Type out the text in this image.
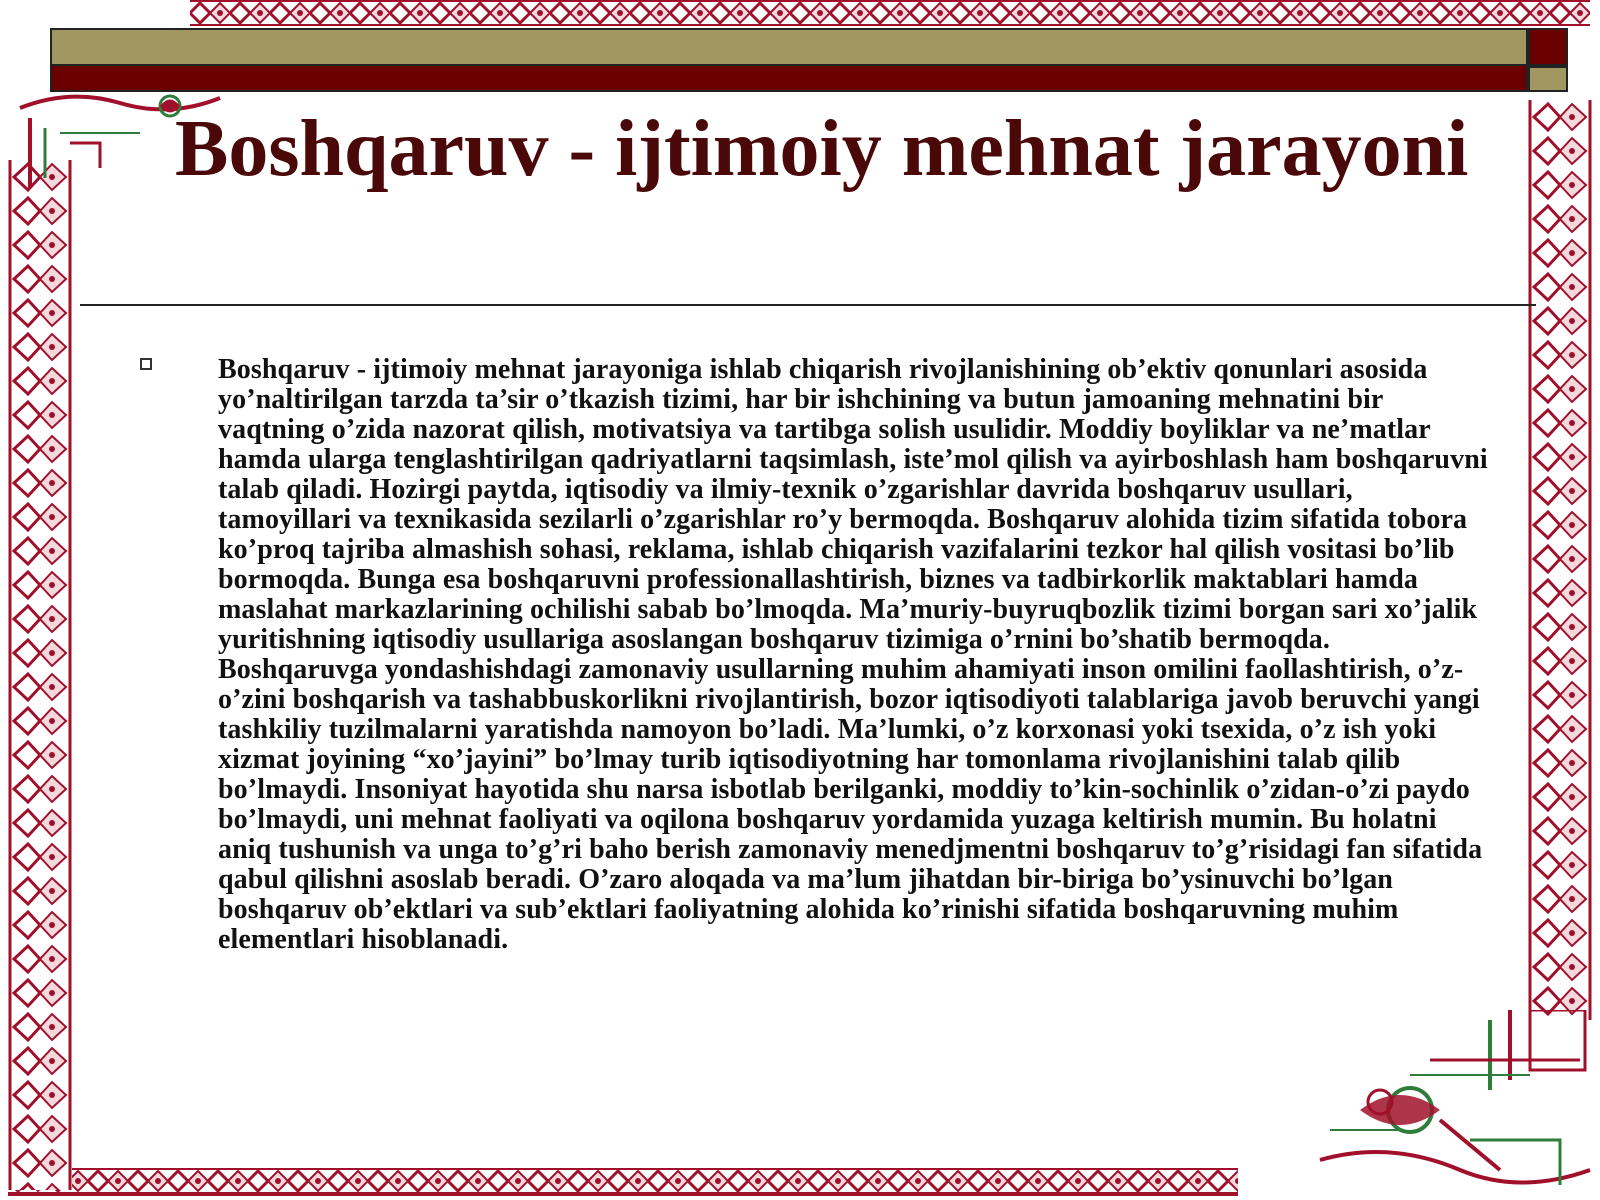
Boshqaruv - ijtimoiy mehnat jarayoni

Boshqaruv - ijtimoiy mehnat jarayoniga ishlab chiqarish rivojlanishining ob’ektiv qonunlari asosida yo’naltirilgan tarzda ta’sir o’tkazish tizimi, har bir ishchining va butun jamoaning mehnatini bir vaqtning o’zida nazorat qilish, motivatsiya va tartibga solish usulidir. Moddiy boyliklar va ne’matlar hamda ularga tenglashtirilgan qadriyatlarni taqsimlash, iste’mol qilish va ayirboshlash ham boshqaruvni talab qiladi. Hozirgi paytda, iqtisodiy va ilmiy-texnik o’zgarishlar davrida boshqaruv usullari, tamoyillari va texnikasida sezilarli o’zgarishlar ro’y bermoqda. Boshqaruv alohida tizim sifatida tobora ko’proq tajriba almashish sohasi, reklama, ishlab chiqarish vazifalarini tezkor hal qilish vositasi bo’lib bormoqda. Bunga esa boshqaruvni professionallashtirish, biznes va tadbirkorlik maktablari hamda maslahat markazlarining ochilishi sabab bo’lmoqda. Ma’muriy-buyruqbozlik tizimi borgan sari xo’jalik yuritishning iqtisodiy usullariga asoslangan boshqaruv tizimiga o’rnini bo’shatib bermoqda. Boshqaruvga yondashishdagi zamonaviy usullarning muhim ahamiyati inson omilini faollashtirish, o’z-o’zini boshqarish va tashabbuskorlikni rivojlantirish, bozor iqtisodiyoti talablariga javob beruvchi yangi tashkiliy tuzilmalarni yaratishda namoyon bo’ladi. Ma’lumki, o’z korxonasi yoki tsexida, o’z ish yoki xizmat joyining “xo’jayini” bo’lmay turib iqtisodiyotning har tomonlama rivojlanishini talab qilib bo’lmaydi. Insoniyat hayotida shu narsa isbotlab berilganki, moddiy to’kin-sochinlik o’zidan-o’zi paydo bo’lmaydi, uni mehnat faoliyati va oqilona boshqaruv yordamida yuzaga keltirish mumin. Bu holatni aniq tushunish va unga to’g’ri baho berish zamonaviy menedjmentni boshqaruv to’g’risidagi fan sifatida qabul qilishni asoslab beradi. O’zaro aloqada va ma’lum jihatdan bir-biriga bo’ysinuvchi bo’lgan boshqaruv ob’ektlari va sub’ektlari faoliyatning alohida ko’rinishi sifatida boshqaruvning muhim elementlari hisoblanadi.
